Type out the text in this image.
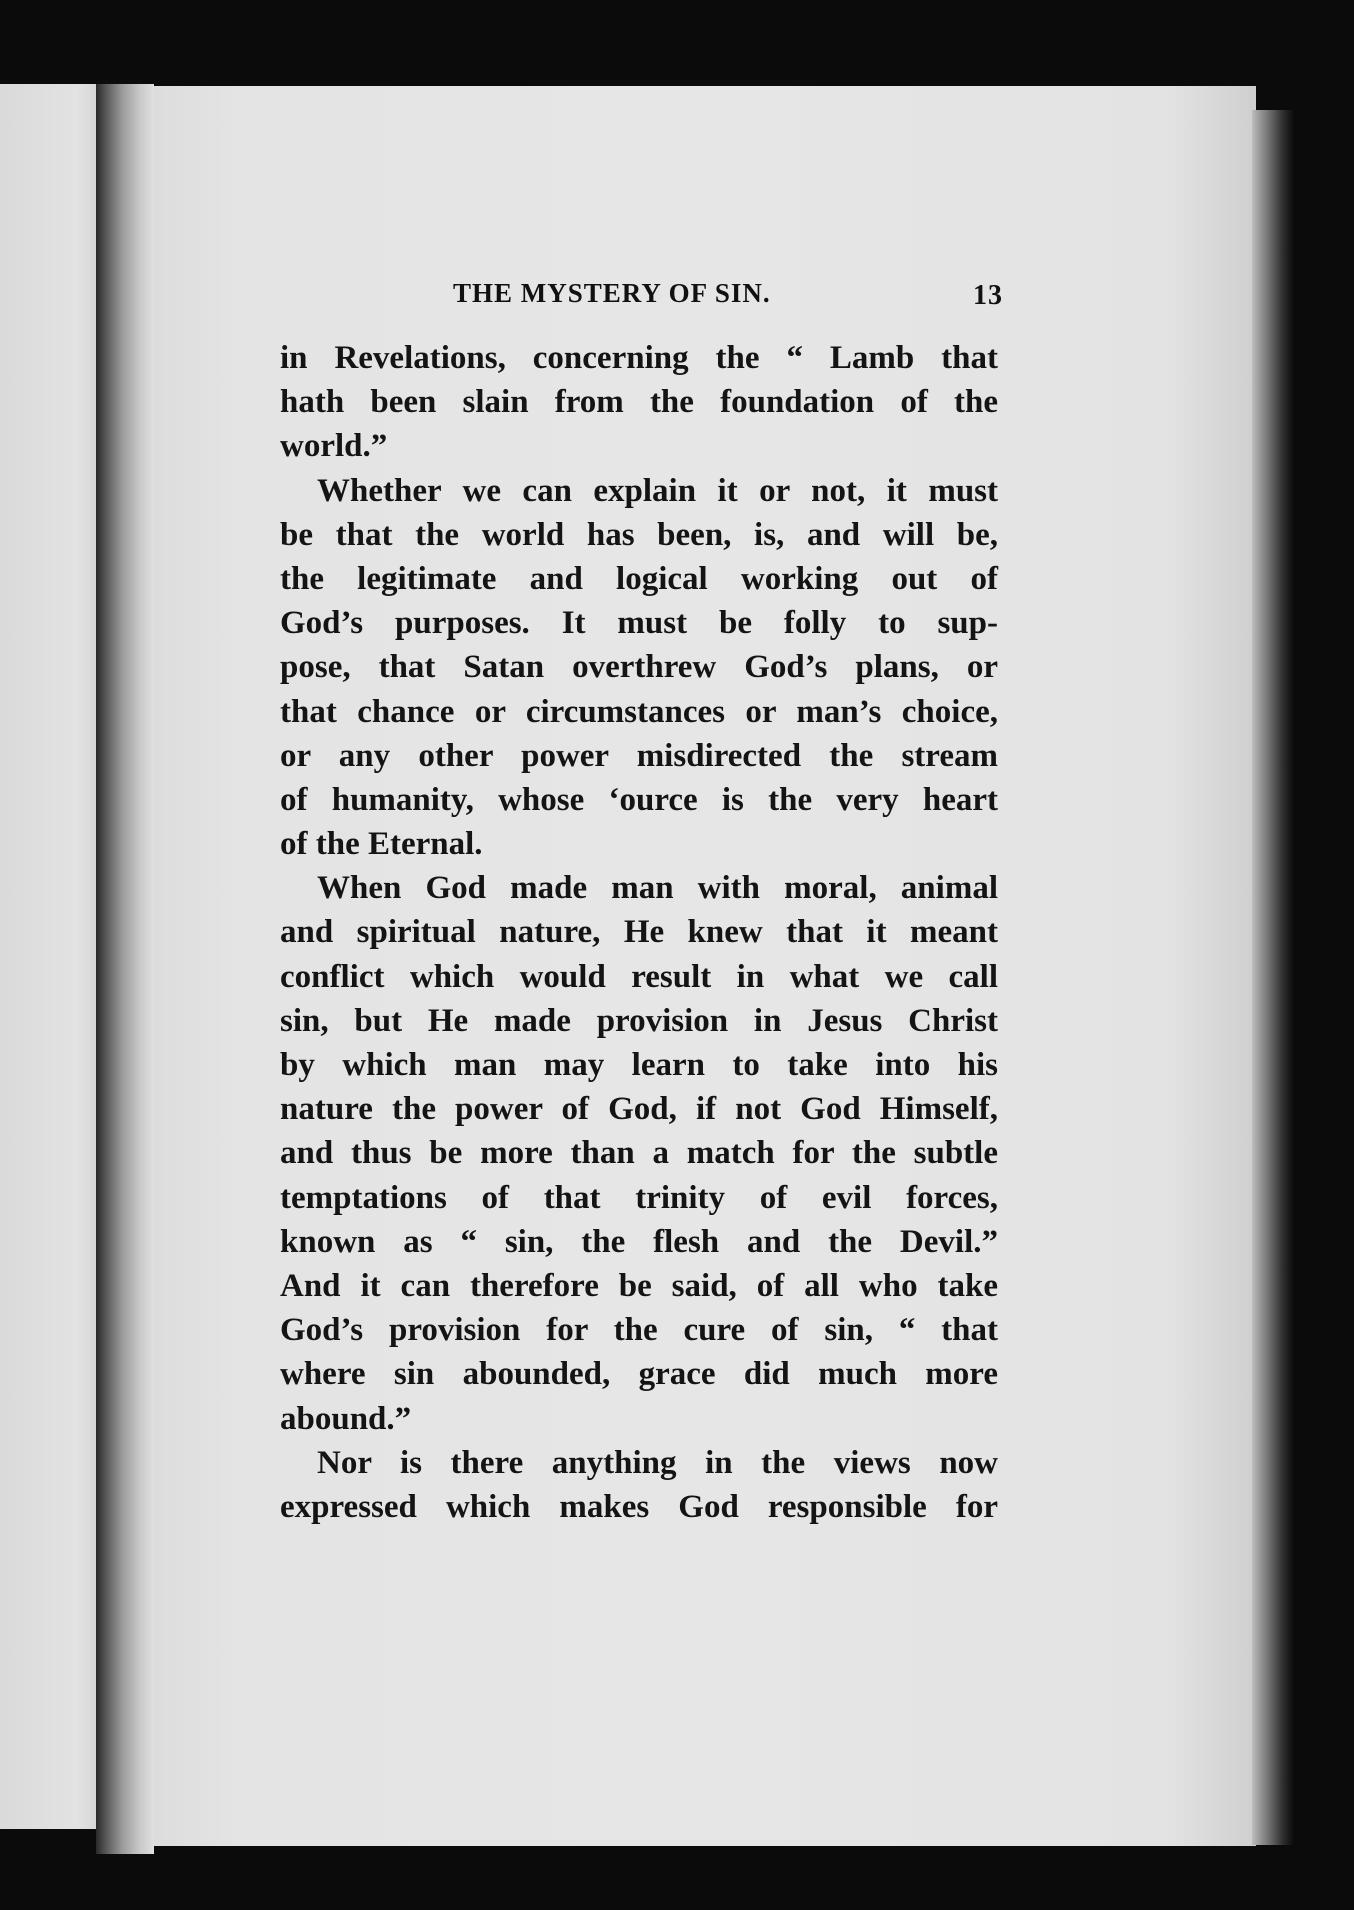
THE MYSTERY OF SIN.	13

in Revelations, concerning the “ Lamb that
hath been slain from the foundation of the
world.”

Whether we can explain it or not, it must
be that the world has been, is, and will be,
the legitimate and logical working out of
God’s purposes. It must be folly to sup-
pose, that Satan overthrew God’s plans, or
that chance or circumstances or man’s choice,
or any other power misdirected the stream
of humanity, whose ‘ource is the very heart
of the Eternal.

When God made man with moral, animal
and spiritual nature, He knew that it meant
conflict which would result in what we call
sin, but He made provision in Jesus Christ
by which man may learn to take into his
nature the power of God, if not God Himself,
and thus be more than a match for the subtle
temptations of that trinity of evil forces,
known as “ sin, the flesh and the Devil.”
And it can therefore be said, of all who take
God’s provision for the cure of sin, “ that
where sin abounded, grace did much more
abound.”

Nor is there anything in the views now
expressed which makes God responsible for
